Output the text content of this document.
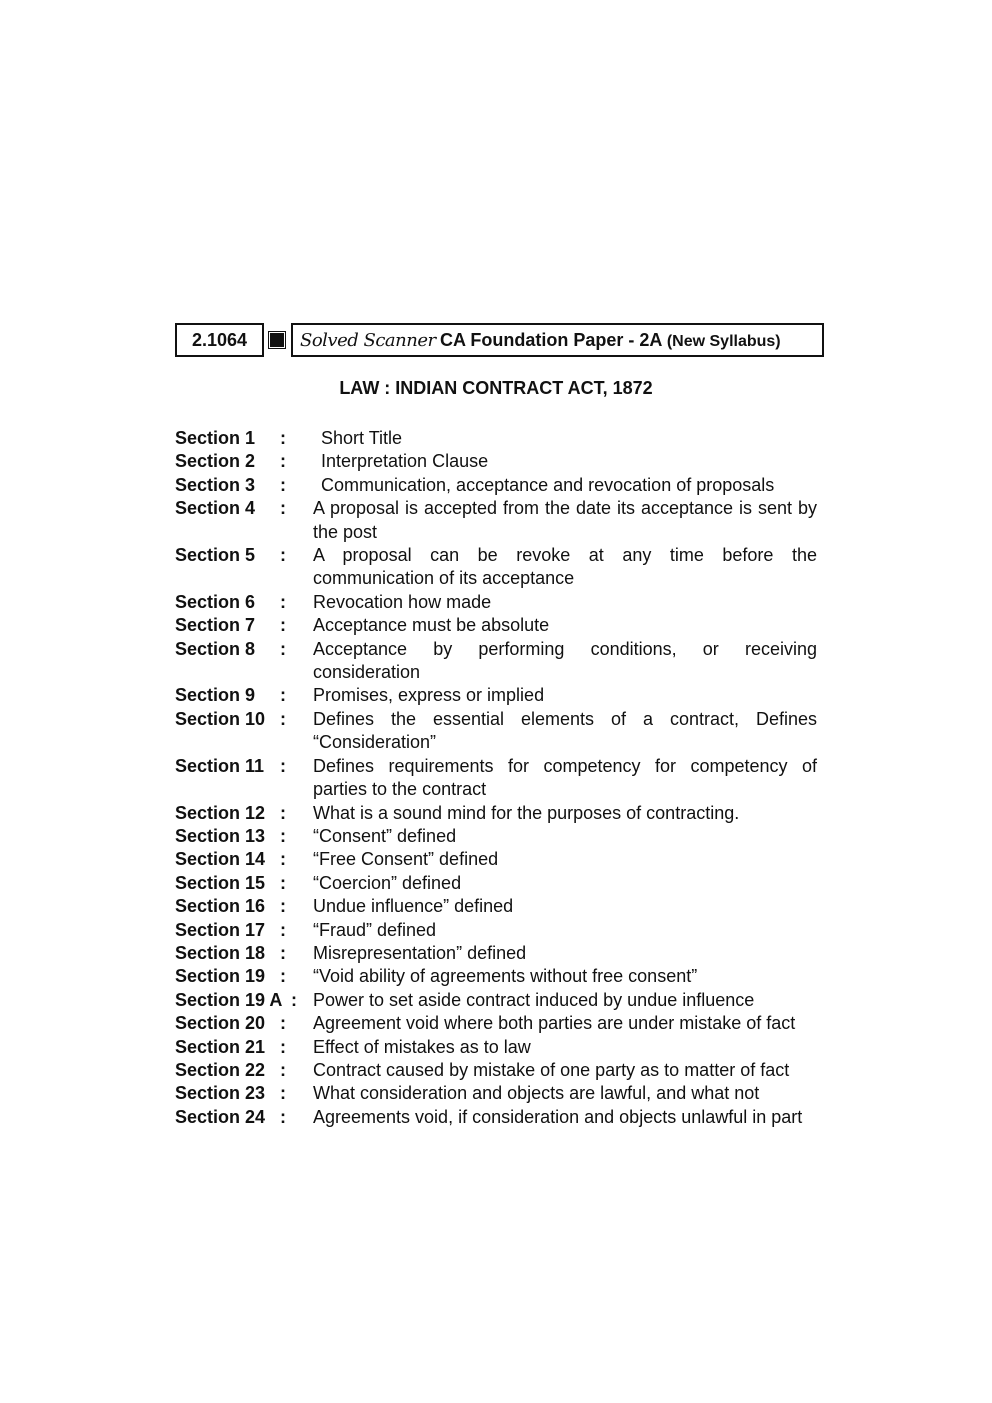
2.1064	Solved Scanner CA Foundation Paper - 2A (New Syllabus)
LAW : INDIAN CONTRACT ACT, 1872
Section 1 : Short Title
Section 2 : Interpretation Clause
Section 3 : Communication, acceptance and revocation of proposals
Section 4 : A proposal is accepted from the date its acceptance is sent by the post
Section 5 : A proposal can be revoke at any time before the communication of its acceptance
Section 6 : Revocation how made
Section 7 : Acceptance must be absolute
Section 8 : Acceptance by performing conditions, or receiving consideration
Section 9 : Promises, express or implied
Section 10 : Defines the essential elements of a contract, Defines “Consideration”
Section 11 : Defines requirements for competency for competency of parties to the contract
Section 12 : What is a sound mind for the purposes of contracting.
Section 13 : “Consent” defined
Section 14 : “Free Consent” defined
Section 15 : “Coercion” defined
Section 16 : Undue influence” defined
Section 17 : “Fraud” defined
Section 18 : Misrepresentation” defined
Section 19 : “Void ability of agreements without free consent”
Section 19 A : Power to set aside contract induced by undue influence
Section 20 : Agreement void where both parties are under mistake of fact
Section 21 : Effect of mistakes as to law
Section 22 : Contract caused by mistake of one party as to matter of fact
Section 23 : What consideration and objects are lawful, and what not
Section 24 : Agreements void, if consideration and objects unlawful in part
